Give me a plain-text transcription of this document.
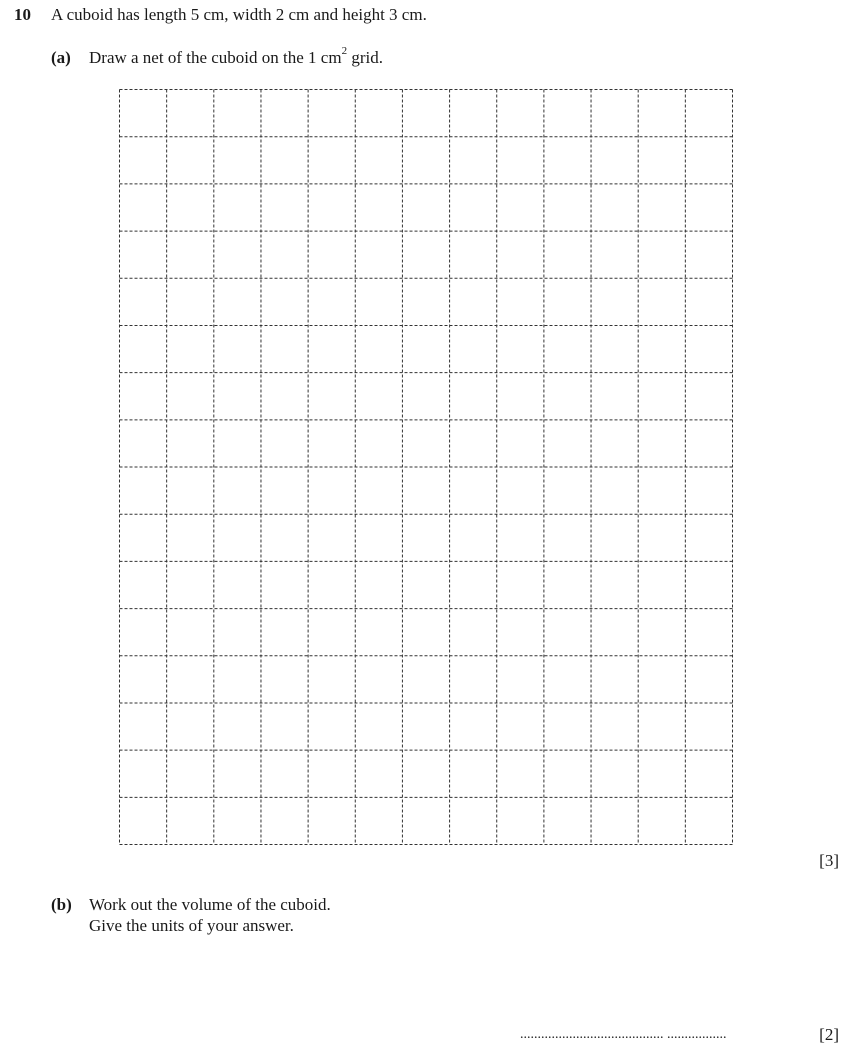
10 A cuboid has length 5 cm, width 2 cm and height 3 cm.
(a) Draw a net of the cuboid on the 1 $cm^2$ grid.
[3]
(b) Work out the volume of the cuboid.
Give the units of your answer.
......................................... .................	[2]
